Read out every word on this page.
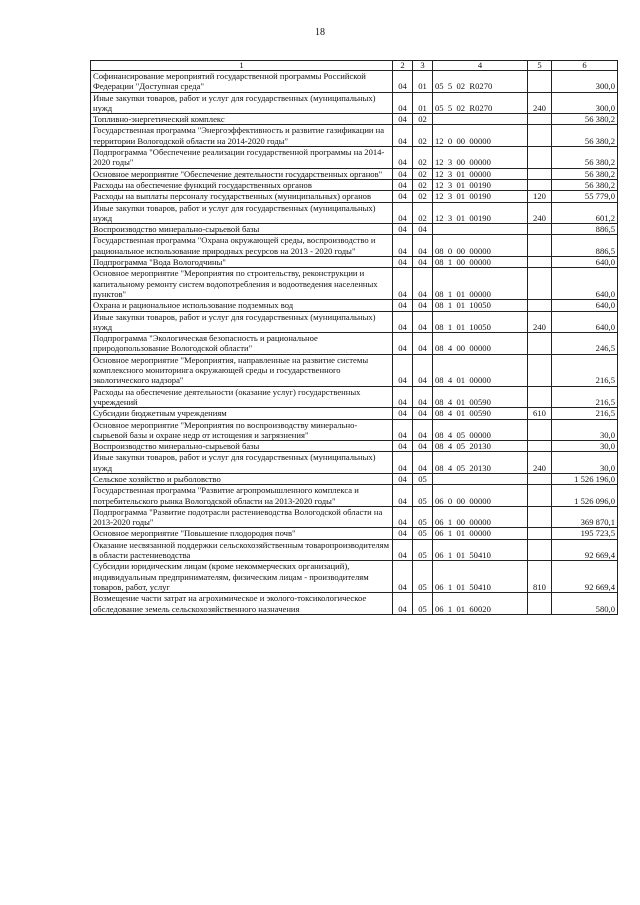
18
1	2	3	4	5	6
Софинансирование мероприятий государственной программы Российской Федерации "Доступная среда"	04	01	05  5  02  R0270		300,0
Иные закупки товаров, работ и услуг для государственных (муниципальных) нужд	04	01	05  5  02  R0270	240	300,0
Топливно-энергетический комплекс	04	02			56 380,2
Государственная программа "Энергоэффективность и развитие газификации на территории Вологодской области на 2014-2020 годы"	04	02	12  0  00  00000		56 380,2
Подпрограмма "Обеспечение реализации государственной программы на 2014-2020 годы"	04	02	12  3  00  00000		56 380,2
Основное мероприятие "Обеспечение деятельности государственных органов"	04	02	12  3  01  00000		56 380,2
Расходы на обеспечение функций государственных органов	04	02	12  3  01  00190		56 380,2
Расходы на выплаты персоналу государственных (муниципальных) органов	04	02	12  3  01  00190	120	55 779,0
Иные закупки товаров, работ и услуг для государственных (муниципальных) нужд	04	02	12  3  01  00190	240	601,2
Воспроизводство минерально-сырьевой базы	04	04			886,5
Государственная программа "Охрана окружающей среды, воспроизводство и рациональное использование природных ресурсов на 2013 - 2020 годы"	04	04	08  0  00  00000		886,5
Подпрограмма "Вода Вологодчины"	04	04	08  1  00  00000		640,0
Основное мероприятие "Мероприятия по строительству, реконструкции и капитальному ремонту систем водопотребления и водоотведения населенных пунктов"	04	04	08  1  01  00000		640,0
Охрана и рациональное использование подземных вод	04	04	08  1  01  10050		640,0
Иные закупки товаров, работ и услуг для государственных (муниципальных) нужд	04	04	08  1  01  10050	240	640,0
Подпрограмма "Экологическая безопасность и рациональное природопользование Вологодской области"	04	04	08  4  00  00000		246,5
Основное мероприятие "Мероприятия, направленные на развитие системы комплексного мониторинга окружающей среды и государственного экологического надзора"	04	04	08  4  01  00000		216,5
Расходы на обеспечение деятельности (оказание услуг) государственных учреждений	04	04	08  4  01  00590		216,5
Субсидии бюджетным учреждениям	04	04	08  4  01  00590	610	216,5
Основное мероприятие "Мероприятия по воспроизводству минерально-сырьевой базы и охране недр от истощения и загрязнения"	04	04	08  4  05  00000		30,0
Воспроизводство минерально-сырьевой базы	04	04	08  4  05  20130		30,0
Иные закупки товаров, работ и услуг для государственных (муниципальных) нужд	04	04	08  4  05  20130	240	30,0
Сельское хозяйство и рыболовство	04	05			1 526 196,0
Государственная программа "Развитие агропромышленного комплекса и потребительского рынка Вологодской области на 2013-2020 годы"	04	05	06  0  00  00000		1 526 096,0
Подпрограмма "Развитие подотрасли растениеводства Вологодской области на 2013-2020 годы"	04	05	06  1  00  00000		369 870,1
Основное мероприятие "Повышение плодородия почв"	04	05	06  1  01  00000		195 723,5
Оказание несвязанной поддержки сельскохозяйственным товаропроизводителям в области растениеводства	04	05	06  1  01  50410		92 669,4
Субсидии юридическим лицам (кроме некоммерческих организаций), индивидуальным предпринимателям, физическим лицам - производителям товаров, работ, услуг	04	05	06  1  01  50410	810	92 669,4
Возмещение части затрат на агрохимическое и эколого-токсикологическое обследование земель сельскохозяйственного назначения	04	05	06  1  01  60020		580,0
